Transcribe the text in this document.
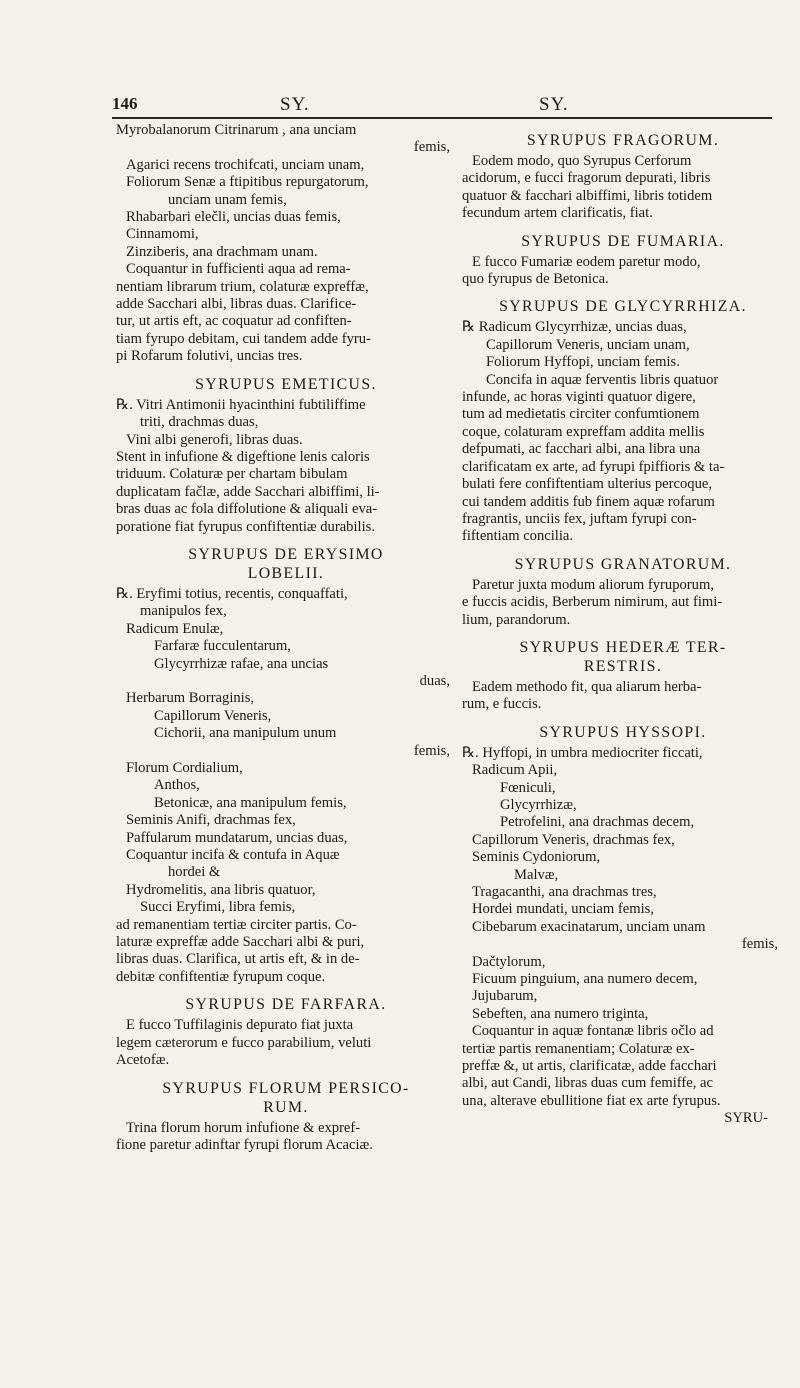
146	SY.	SY.
Myrobalanorum Citrinarum , ana unciam
femis,
Agarici recens trochifcati, unciam unam,
Foliorum Senæ a ftipitibus repurgatorum,
unciam unam femis,
Rhabarbari elečli, uncias duas femis,
Cinnamomi,
Zinziberis, ana drachmam unam.
Coquantur in fufficienti aqua ad rema-
nentiam librarum trium, colaturæ expreffæ,
adde Sacchari albi, libras duas. Clarifice-
tur, ut artis eft, ac coquatur ad confiften-
tiam fyrupo debitam, cui tandem adde fyru-
pi Rofarum folutivi, uncias tres.
SYRUPUS EMETICUS.
℞. Vitri Antimonii hyacinthini fubtiliffime
triti, drachmas duas,
Vini albi generofi, libras duas.
Stent in infufione & digeftione lenis caloris
triduum. Colaturæ per chartam bibulam
duplicatam fačlæ, adde Sacchari albiffimi, li-
bras duas ac fola diffolutione & aliquali eva-
poratione fiat fyrupus confiftentiæ durabilis.
SYRUPUS DE ERYSIMO
LOBELII.
℞. Eryfimi totius, recentis, conquaffati,
manipulos fex,
Radicum Enulæ,
Farfaræ fucculentarum,
Glycyrrhizæ rafae, ana uncias
duas,
Herbarum Borraginis,
Capillorum Veneris,
Cichorii, ana manipulum unum
femis,
Florum Cordialium,
Anthos,
Betonicæ, ana manipulum femis,
Seminis Anifi, drachmas fex,
Paffularum mundatarum, uncias duas,
Coquantur incifa & contufa in Aquæ
hordei &
Hydromelitis, ana libris quatuor,
Succi Eryfimi, libra femis,
ad remanentiam tertiæ circiter partis. Co-
laturæ expreffæ adde Sacchari albi & puri,
libras duas. Clarifica, ut artis eft, & in de-
debitæ confiftentiæ fyrupum coque.
SYRUPUS DE FARFARA.
E fucco Tuffilaginis depurato fiat juxta
legem cæterorum e fucco parabilium, veluti
Acetofæ.
SYRUPUS FLORUM PERSICO-
RUM.
Trina florum horum infufione & expref-
fione paretur adinftar fyrupi florum Acaciæ.
SYRUPUS FRAGORUM.
Eodem modo, quo Syrupus Cerforum
acidorum, e fucci fragorum depurati, libris
quatuor & facchari albiffimi, libris totidem
fecundum artem clarificatis, fiat.
SYRUPUS DE FUMARIA.
E fucco Fumariæ eodem paretur modo,
quo fyrupus de Betonica.
SYRUPUS DE GLYCYRRHIZA.
℞ Radicum Glycyrrhizæ, uncias duas,
Capillorum Veneris, unciam unam,
Foliorum Hyffopi, unciam femis.
Concifa in aquæ ferventis libris quatuor
infunde, ac horas viginti quatuor digere,
tum ad medietatis circiter confumtionem
coque, colaturam expreffam addita mellis
defpumati, ac facchari albi, ana libra una
clarificatam ex arte, ad fyrupi fpiffioris & ta-
bulati fere confiftentiam ulterius percoque,
cui tandem additis fub finem aquæ rofarum
fragrantis, unciis fex, juftam fyrupi con-
fiftentiam concilia.
SYRUPUS GRANATORUM.
Paretur juxta modum aliorum fyruporum,
e fuccis acidis, Berberum nimirum, aut fimi-
lium, parandorum.
SYRUPUS HEDERÆ TER-
RESTRIS.
Eadem methodo fit, qua aliarum herba-
rum, e fuccis.
SYRUPUS HYSSOPI.
℞. Hyffopi, in umbra mediocriter ficcati,
Radicum Apii,
Fœniculi,
Glycyrrhizæ,
Petrofelini, ana drachmas decem,
Capillorum Veneris, drachmas fex,
Seminis Cydoniorum,
Malvæ,
Tragacanthi, ana drachmas tres,
Hordei mundati, unciam femis,
Cibebarum exacinatarum, unciam unam
femis,
Dačtylorum,
Ficuum pinguium, ana numero decem,
Jujubarum,
Sebeften, ana numero triginta,
Coquantur in aquæ fontanæ libris očlo ad
tertiæ partis remanentiam; Colaturæ ex-
preffæ &, ut artis, clarificatæ, adde facchari
albi, aut Candi, libras duas cum femiffe, ac
una, alterave ebullitione fiat ex arte fyrupus.
SYRU-
